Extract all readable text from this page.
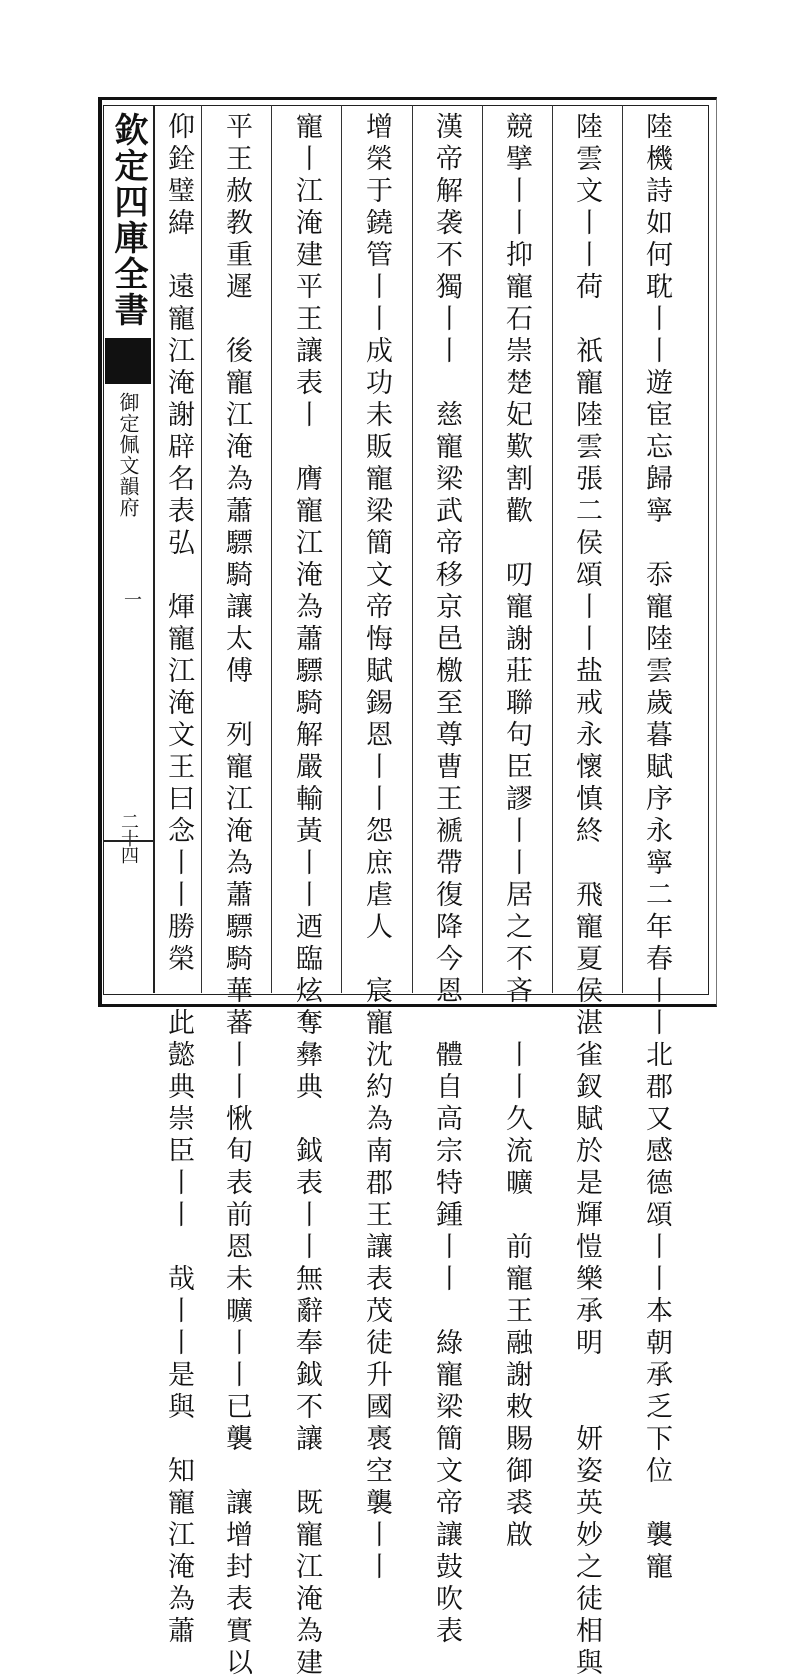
欽定四庫全書
御定佩文韻府
一
二十四	陸機詩如何耽丨丨遊宦忘歸寧　忝寵陸雲歲暮賦序永寧二年春丨丨北郡又感德頌丨丨本朝承乏下位　襲寵
陸雲文丨丨荷　祇寵陸雲張二侯頌丨丨盐戒永懷慎終　飛寵夏侯湛雀釵賦於是輝愷樂承明　　妍姿英妙之徒相與
競擘丨丨抑寵石崇楚妃歎割歡　叨寵謝莊聯句臣謬丨丨居之不吝　丨丨久流曠　前寵王融謝敕賜御裘啟
漢帝解袭不獨丨丨　慈寵梁武帝移京邑檄至尊曹王褫帶復降今恩　體自高宗特鍾丨丨　綠寵梁簡文帝讓鼓吹表
增榮于鐃管丨丨成功未販寵梁簡文帝悔賦錫恩丨丨怨庶虐人　宸寵沈約為南郡王讓表茂徒升國褭空襲丨丨
寵丨江淹建平王讓表丨　膺寵江淹為蕭驃騎解嚴輸黃丨丨迺臨炫奪彝典　鉞表丨丨無辭奉鉞不讓　既寵江淹為建
平王赦教重遲　後寵江淹為蕭驃騎讓太傅　列寵江淹為蕭驃騎華蕃丨丨愀旬表前恩未曠丨丨已襲　讓增封表實以
仰銓璧緯　遠寵江淹謝辟名表弘　煇寵江淹文王曰念丨丨勝榮　此懿典崇臣丨丨　哉丨丨是與　知寵江淹為蕭
